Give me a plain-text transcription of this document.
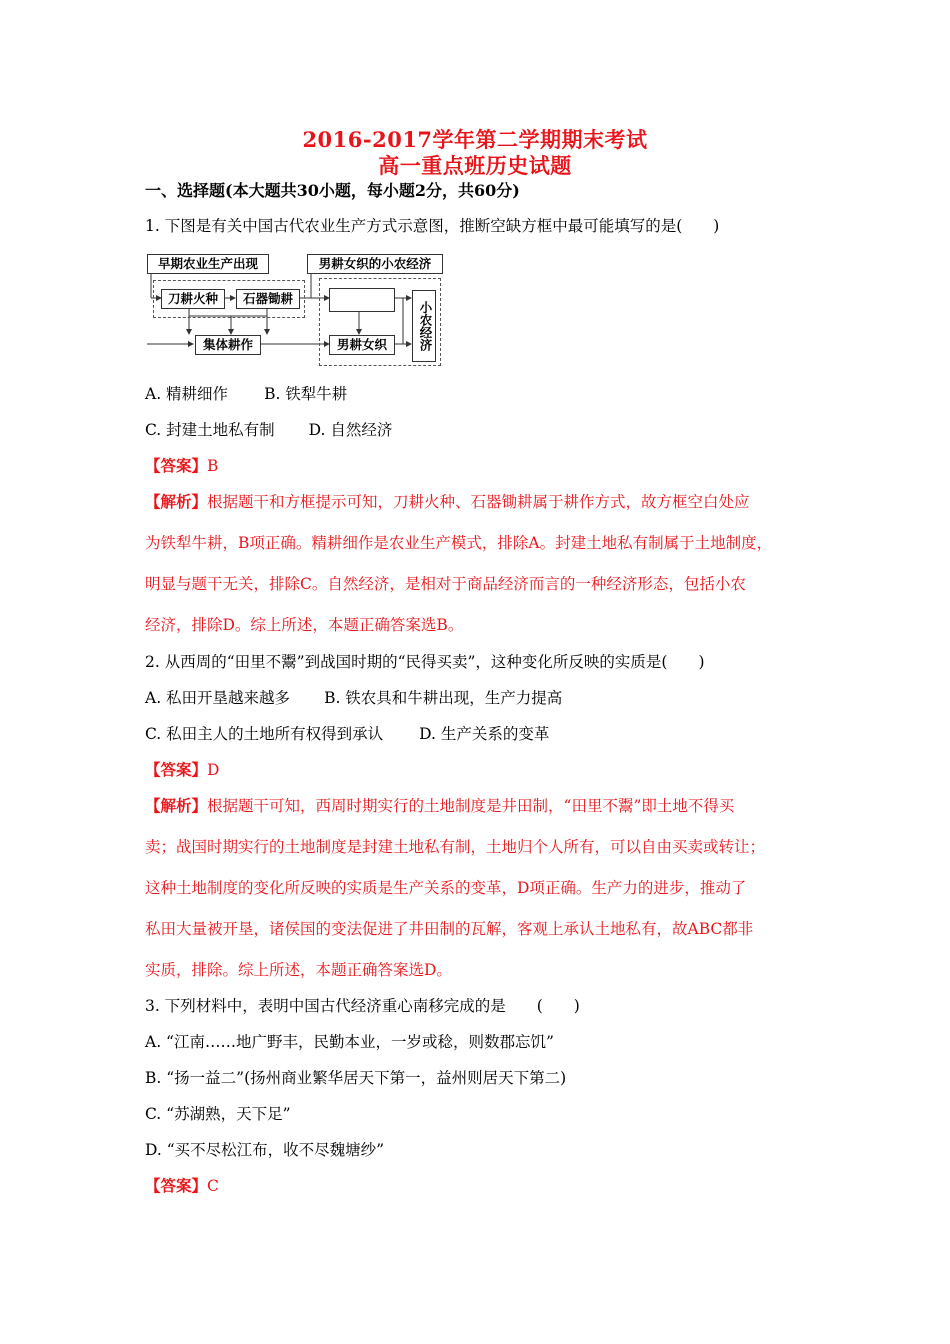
2016-2017学年第二学期期末考试
高一重点班历史试题
一、选择题(本大题共30小题，每小题2分，共60分)
1. 下图是有关中国古代农业生产方式示意图，推断空缺方框中最可能填写的是(　　)
早期农业生产出现	男耕女织的小农经济
刀耕火种	石器锄耕
集体耕作	男耕女织	小农经济
A. 精耕细作 B. 铁犁牛耕
C. 封建土地私有制 D. 自然经济
【答案】B
【解析】根据题干和方框提示可知，刀耕火种、石器锄耕属于耕作方式，故方框空白处应
为铁犁牛耕，B项正确。精耕细作是农业生产模式，排除A。封建土地私有制属于土地制度，
明显与题干无关，排除C。自然经济，是相对于商品经济而言的一种经济形态，包括小农
经济，排除D。综上所述，本题正确答案选B。
2. 从西周的“田里不鬻”到战国时期的“民得买卖”，这种变化所反映的实质是(　　)
A. 私田开垦越来越多 B. 铁农具和牛耕出现，生产力提高
C. 私田主人的土地所有权得到承认 D. 生产关系的变革
【答案】D
【解析】根据题干可知，西周时期实行的土地制度是井田制，“田里不鬻”即土地不得买
卖；战国时期实行的土地制度是封建土地私有制，土地归个人所有，可以自由买卖或转让；
这种土地制度的变化所反映的实质是生产关系的变革，D项正确。生产力的进步，推动了
私田大量被开垦，诸侯国的变法促进了井田制的瓦解，客观上承认土地私有，故ABC都非
实质，排除。综上所述，本题正确答案选D。
3. 下列材料中，表明中国古代经济重心南移完成的是　　(　　)
A. “江南……地广野丰，民勤本业，一岁或稔，则数郡忘饥”
B. “扬一益二”(扬州商业繁华居天下第一，益州则居天下第二)
C. “苏湖熟，天下足”
D. “买不尽松江布，收不尽魏塘纱”
【答案】C
